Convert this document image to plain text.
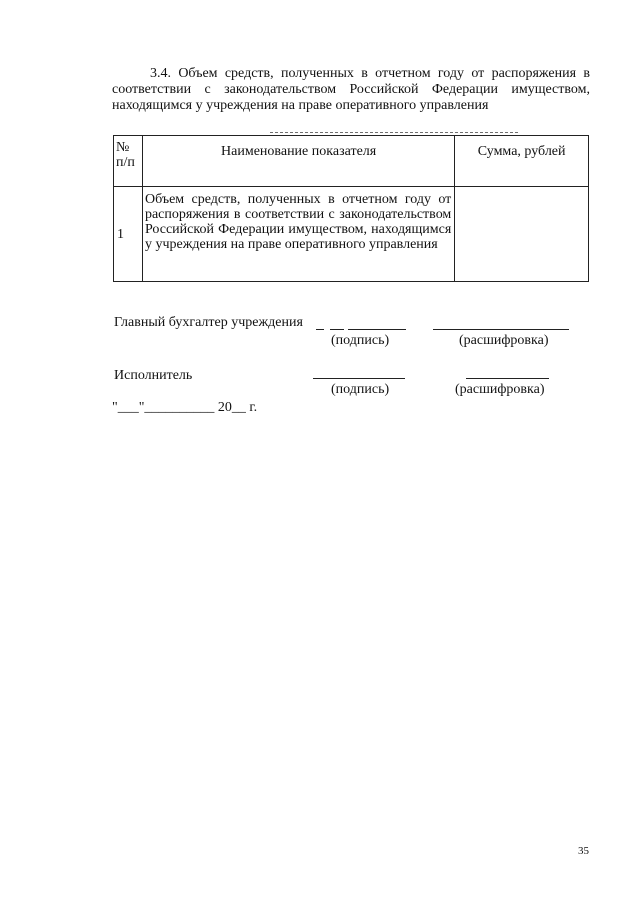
3.4. Объем средств, полученных в отчетном году от распоряжения в соответствии с законодательством Российской Федерации имуществом, находящимся у учреждения на праве оперативного управления
№ п/п	Наименование показателя	Сумма, рублей
1	Объем средств, полученных в отчетном году от распоряжения в соответствии с законодательством Российской Федерации имуществом, находящимся у учреждения на праве оперативного управления	
Главный бухгалтер учреждения
(подпись)	(расшифровка)
Исполнитель
(подпись)	(расшифровка)
"___"__________ 20__ г.
35
